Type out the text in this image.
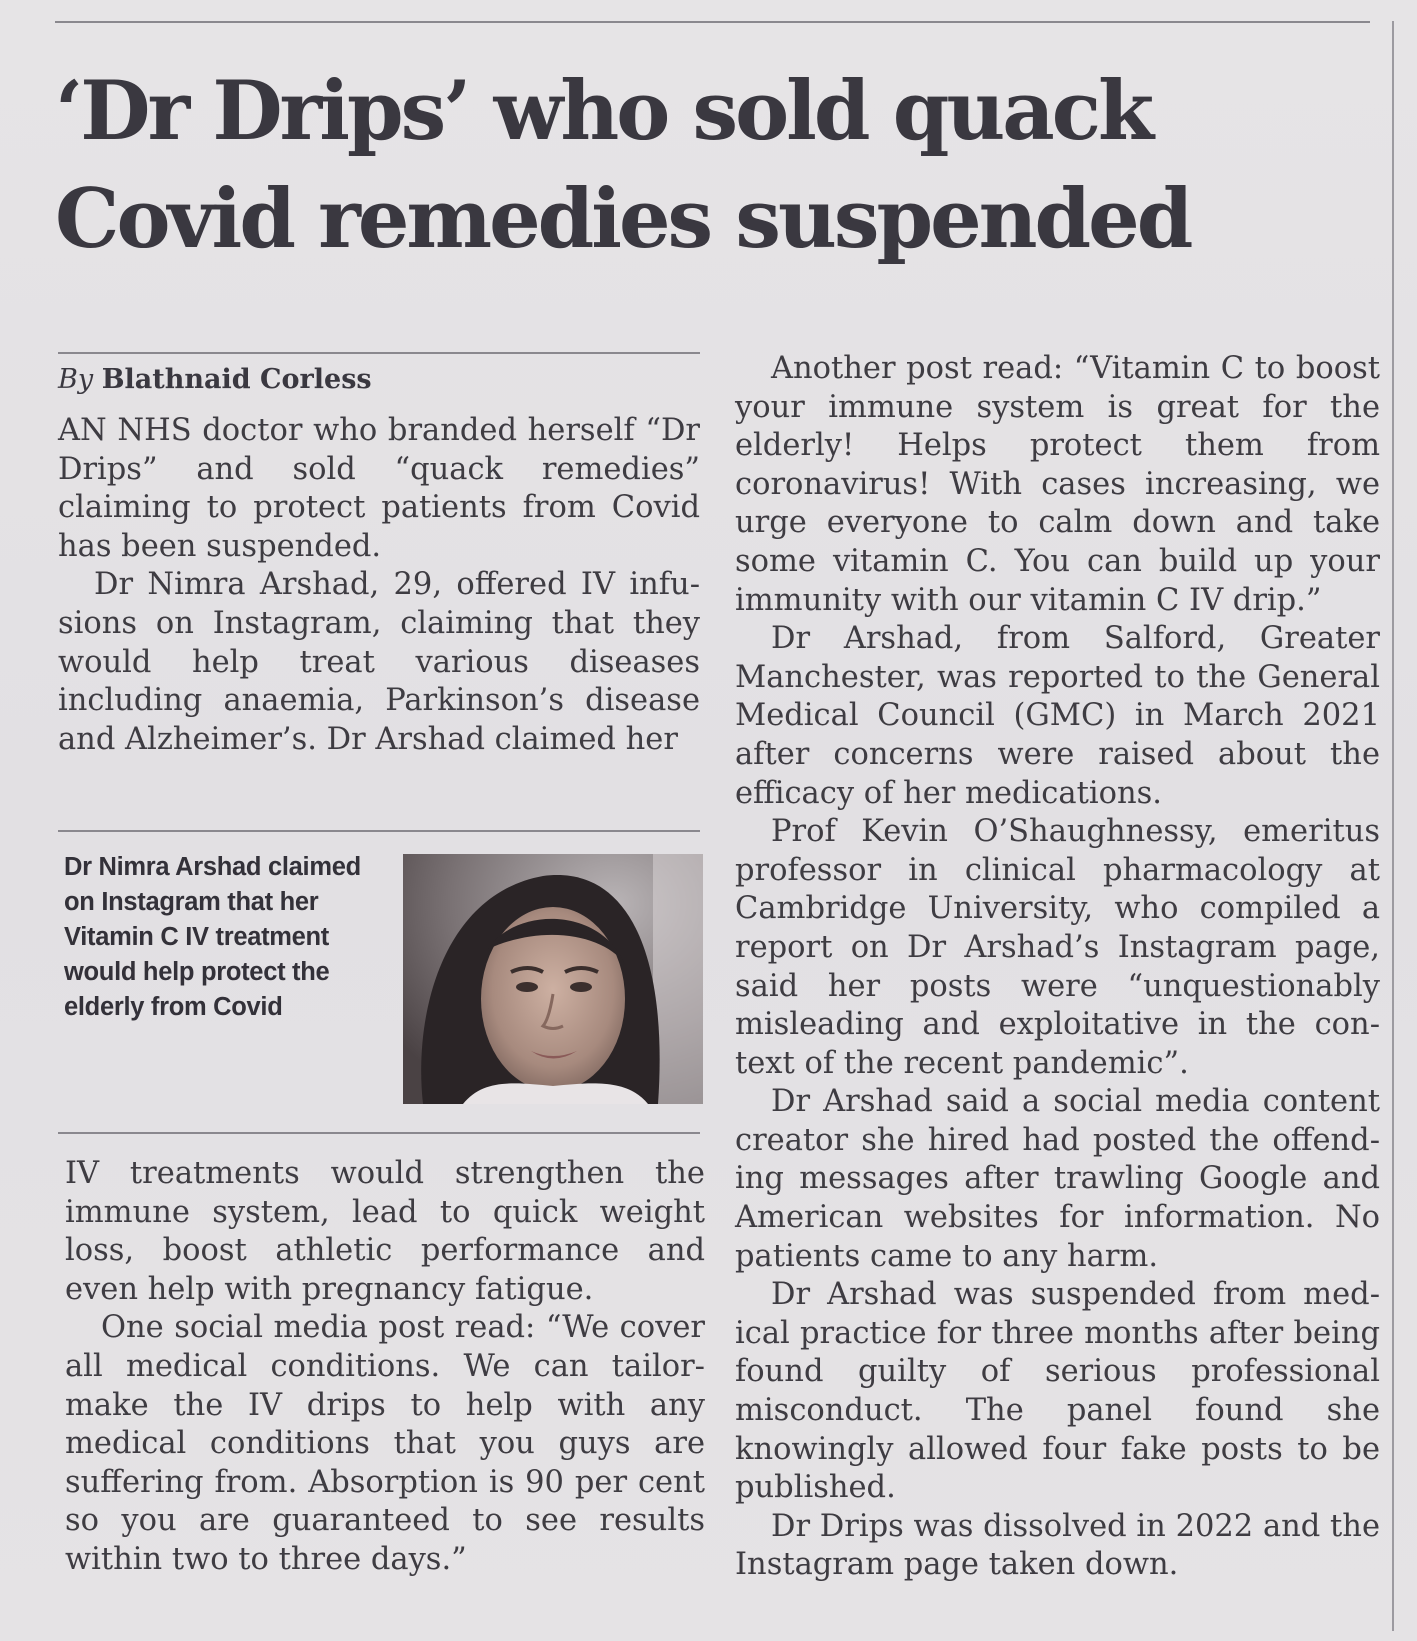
‘Dr Drips’ who sold quack Covid remedies suspended
By Blathnaid Corless

AN NHS doctor who branded herself “Dr Drips” and sold “quack remedies” claiming to protect patients from Covid has been suspended.

Dr Nimra Arshad, 29, offered IV infusions on Instagram, claiming that they would help treat various diseases including anaemia, Parkinson’s disease and Alzheimer’s. Dr Arshad claimed her

Dr Nimra Arshad claimed on Instagram that her Vitamin C IV treatment would help protect the elderly from Covid

IV treatments would strengthen the immune system, lead to quick weight loss, boost athletic performance and even help with pregnancy fatigue.

One social media post read: “We cover all medical conditions. We can tailor-make the IV drips to help with any medical conditions that you guys are suffering from. Absorption is 90 per cent so you are guaranteed to see results within two to three days.”

Another post read: “Vitamin C to boost your immune system is great for the elderly! Helps protect them from coronavirus! With cases increasing, we urge everyone to calm down and take some vitamin C. You can build up your immunity with our vitamin C IV drip.”

Dr Arshad, from Salford, Greater Manchester, was reported to the General Medical Council (GMC) in March 2021 after concerns were raised about the efficacy of her medications.

Prof Kevin O’Shaughnessy, emeritus professor in clinical pharmacology at Cambridge University, who compiled a report on Dr Arshad’s Instagram page, said her posts were “unquestionably misleading and exploitative in the context of the recent pandemic”.

Dr Arshad said a social media content creator she hired had posted the offending messages after trawling Google and American websites for information. No patients came to any harm.

Dr Arshad was suspended from medical practice for three months after being found guilty of serious professional misconduct. The panel found she knowingly allowed four fake posts to be published.

Dr Drips was dissolved in 2022 and the Instagram page taken down.
